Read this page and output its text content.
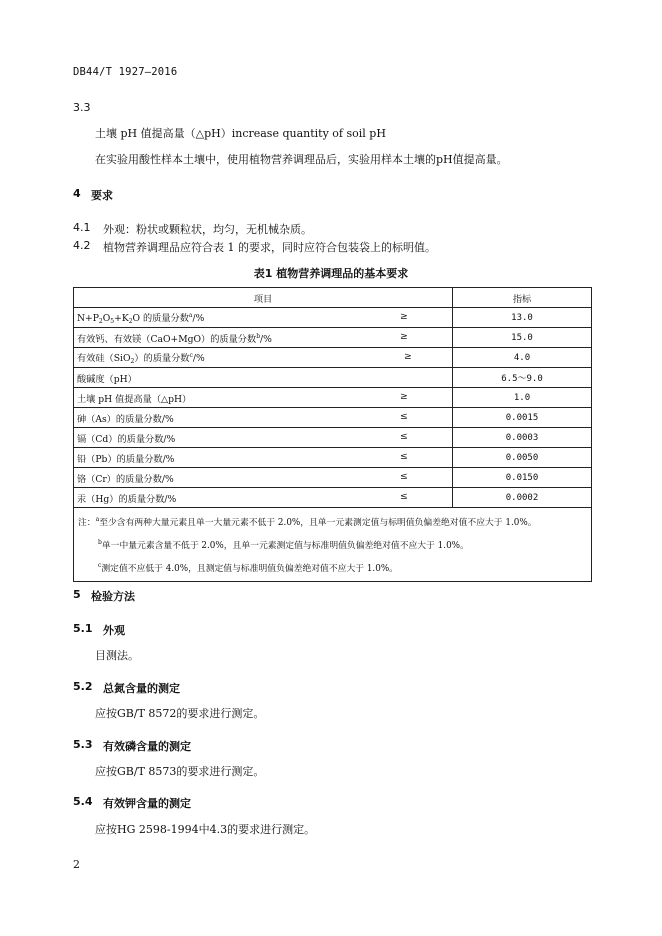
DB44/T 1927—2016
3.3
土壤 pH 值提高量（△pH）increase quantity of soil pH
在实验用酸性样本土壤中，使用植物营养调理品后，实验用样本土壤的pH值提高量。
4 要求
4.1 外观：粉状或颗粒状，均匀，无机械杂质。
4.2 植物营养调理品应符合表 1 的要求，同时应符合包装袋上的标明值。
表1 植物营养调理品的基本要求
项目	指标
$N+P_2O_5+K_2O$ 的质量分数$^a$/% ≥	13.0
有效钙、有效镁（CaO+MgO）的质量分数$^b$/% ≥	15.0
有效硅（SiO$_2$）的质量分数$^c$/% ≥	4.0
酸碱度（pH）	6.5～9.0
土壤 pH 值提高量（△pH） ≥	1.0
砷（As）的质量分数/% ≤	0.0015
镉（Cd）的质量分数/% ≤	0.0003
铅（Pb）的质量分数/% ≤	0.0050
铬（Cr）的质量分数/% ≤	0.0150
汞（Hg）的质量分数/% ≤	0.0002

注：$^a$至少含有两种大量元素且单一大量元素不低于 2.0%，且单一元素测定值与标明值负偏差绝对值不应大于 1.0%。
$^b$单一中量元素含量不低于 2.0%，且单一元素测定值与标准明值负偏差绝对值不应大于 1.0%。
$^c$测定值不应低于 4.0%，且测定值与标准明值负偏差绝对值不应大于 1.0%。	
5 检验方法
5.1 外观
目测法。
5.2 总氮含量的测定
应按GB/T 8572的要求进行测定。
5.3 有效磷含量的测定
应按GB/T 8573的要求进行测定。
5.4 有效钾含量的测定
应按HG 2598-1994中4.3的要求进行测定。
2
